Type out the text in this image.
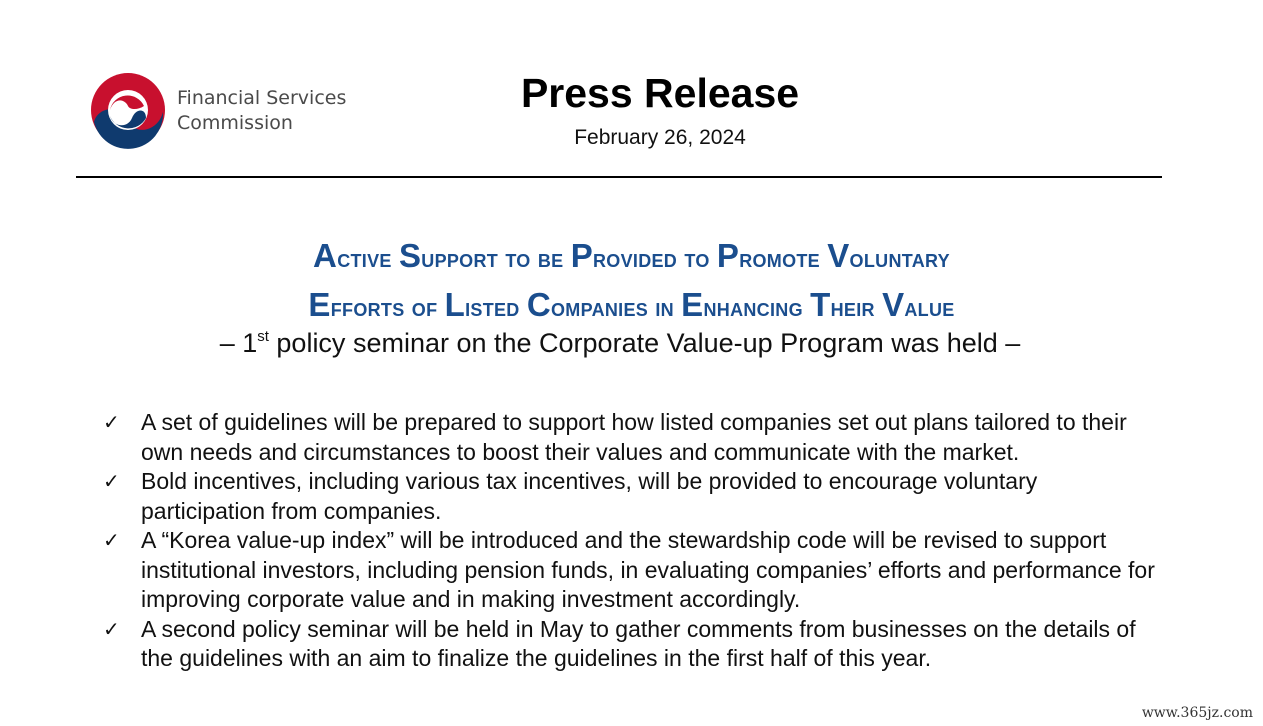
Financial Services
Commission
Press Release
February 26, 2024
Active Support to be Provided to Promote Voluntary
Efforts of Listed Companies in Enhancing Their Value
– 1st policy seminar on the Corporate Value-up Program was held –
✓ A set of guidelines will be prepared to support how listed companies set out plans tailored to their own needs and circumstances to boost their values and communicate with the market.
✓ Bold incentives, including various tax incentives, will be provided to encourage voluntary participation from companies.
✓ A “Korea value-up index” will be introduced and the stewardship code will be revised to support institutional investors, including pension funds, in evaluating companies’ efforts and performance for improving corporate value and in making investment accordingly.
✓ A second policy seminar will be held in May to gather comments from businesses on the details of the guidelines with an aim to finalize the guidelines in the first half of this year.
www.365jz.com
